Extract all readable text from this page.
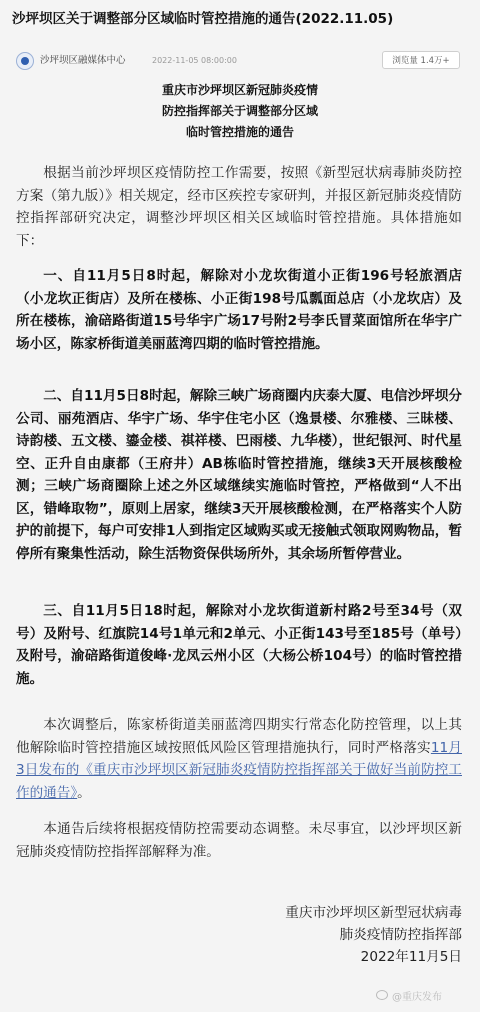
沙坪坝区关于调整部分区域临时管控措施的通告(2022.11.05)
沙坪坝区融媒体中心	2022-11-05 08:00:00	浏览量 1.4万+
重庆市沙坪坝区新冠肺炎疫情
防控指挥部关于调整部分区域
临时管控措施的通告
根据当前沙坪坝区疫情防控工作需要，按照《新型冠状病毒肺炎防控方案（第九版）》相关规定，经市区疾控专家研判，并报区新冠肺炎疫情防控指挥部研究决定，调整沙坪坝区相关区域临时管控措施。具体措施如下：
一、自11月5日8时起，解除对小龙坎街道小正街196号轻旅酒店（小龙坎正街店）及所在楼栋、小正街198号瓜瓢面总店（小龙坎店）及所在楼栋，渝碚路街道15号华宇广场17号附2号李氏冒菜面馆所在华宇广场小区，陈家桥街道美丽蓝湾四期的临时管控措施。
二、自11月5日8时起，解除三峡广场商圈内庆泰大厦、电信沙坪坝分公司、丽苑酒店、华宇广场、华宇住宅小区（逸景楼、尔雅楼、三昧楼、诗韵楼、五文楼、鎏金楼、祺祥楼、巴雨楼、九华楼），世纪银河、时代星空、正升自由康都（王府井）AB栋临时管控措施，继续3天开展核酸检测；三峡广场商圈除上述之外区域继续实施临时管控，严格做到“人不出区，错峰取物”，原则上居家，继续3天开展核酸检测，在严格落实个人防护的前提下，每户可安排1人到指定区域购买或无接触式领取网购物品，暂停所有聚集性活动，除生活物资保供场所外，其余场所暂停营业。
三、自11月5日18时起，解除对小龙坎街道新村路2号至34号（双号）及附号、红旗院14号1单元和2单元、小正街143号至185号（单号）及附号，渝碚路街道俊峰·龙凤云州小区（大杨公桥104号）的临时管控措施。
本次调整后，陈家桥街道美丽蓝湾四期实行常态化防控管理，以上其他解除临时管控措施区域按照低风险区管理措施执行，同时严格落实11月3日发布的《重庆市沙坪坝区新冠肺炎疫情防控指挥部关于做好当前防控工作的通告》。
本通告后续将根据疫情防控需要动态调整。未尽事宜，以沙坪坝区新冠肺炎疫情防控指挥部解释为准。
重庆市沙坪坝区新型冠状病毒
肺炎疫情防控指挥部
2022年11月5日
@重庆发布
